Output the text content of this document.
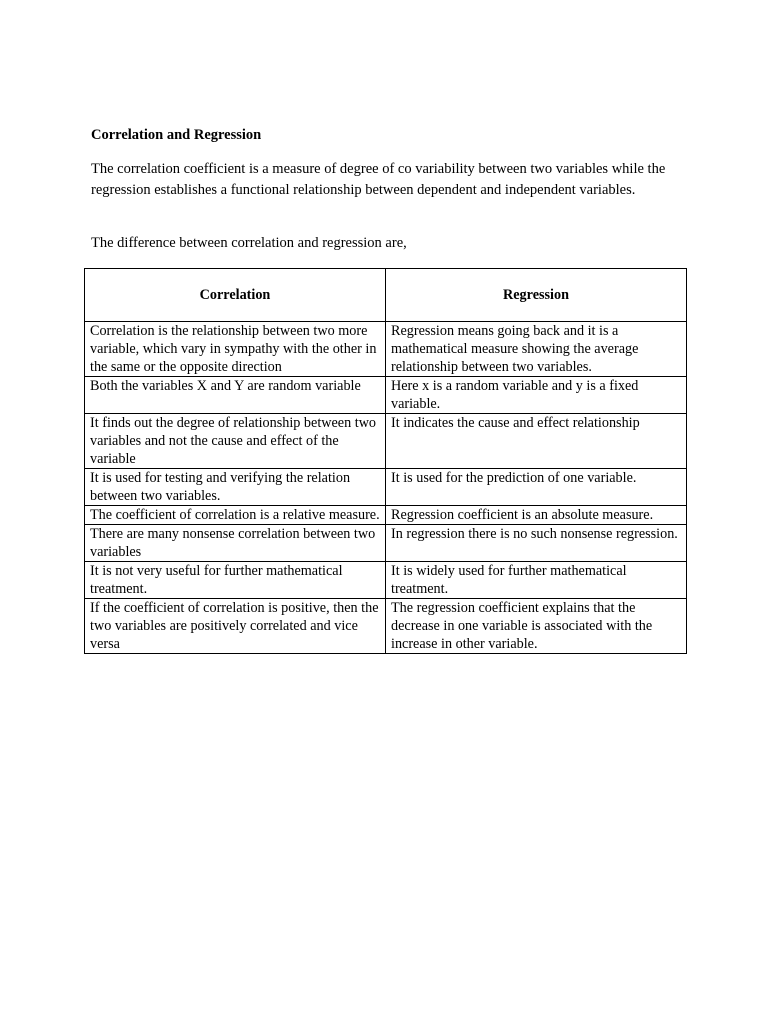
Correlation and Regression

The correlation coefficient is a measure of degree of co variability between two variables while the regression establishes a functional relationship between dependent and independent variables.

The difference between correlation and regression are,

Correlation	Regression
Correlation is the relationship between two more variable, which vary in sympathy with the other in the same or the opposite direction	Regression means going back and it is a mathematical measure showing the average relationship between two variables.
Both the variables X and Y are random variable	Here x is a random variable and y is a fixed variable.
It finds out the degree of relationship between two variables and not the cause and effect of the variable	It indicates the cause and effect relationship
It is used for testing and verifying the relation between two variables.	It is used for the prediction of one variable.
The coefficient of correlation is a relative measure.	Regression coefficient is an absolute measure.
There are many nonsense correlation between two variables	In regression there is no such nonsense regression.
It is not very useful for further mathematical treatment.	It is widely used for further mathematical treatment.
If the coefficient of correlation is positive, then the two variables are positively correlated and vice versa	The regression coefficient explains that the decrease in one variable is associated with the increase in other variable.
